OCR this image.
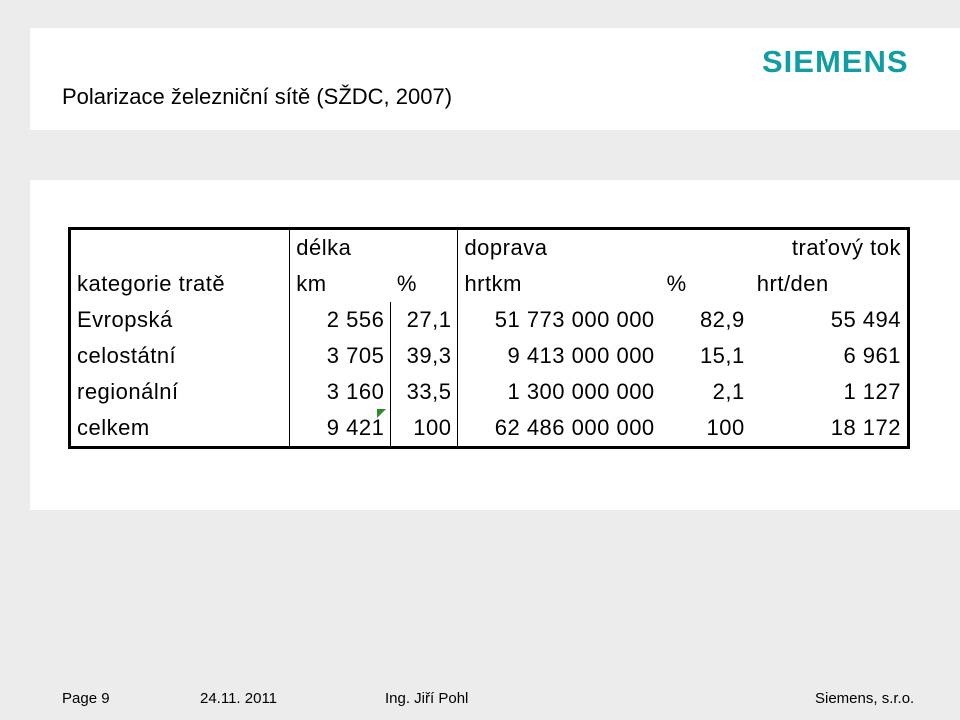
Polarizace železniční sítě (SŽDC, 2007)
SIEMENS
	délka		doprava		traťový tok
kategorie tratě	km	%	hrtkm	%	hrt/den
Evropská	2 556	27,1	51 773 000 000	82,9	55 494
celostátní	3 705	39,3	9 413 000 000	15,1	6 961
regionální	3 160	33,5	1 300 000 000	2,1	1 127
celkem	9 421	100	62 486 000 000	100	18 172
Page 9	24.11. 2011	Ing. Jiří Pohl	Siemens, s.r.o.
